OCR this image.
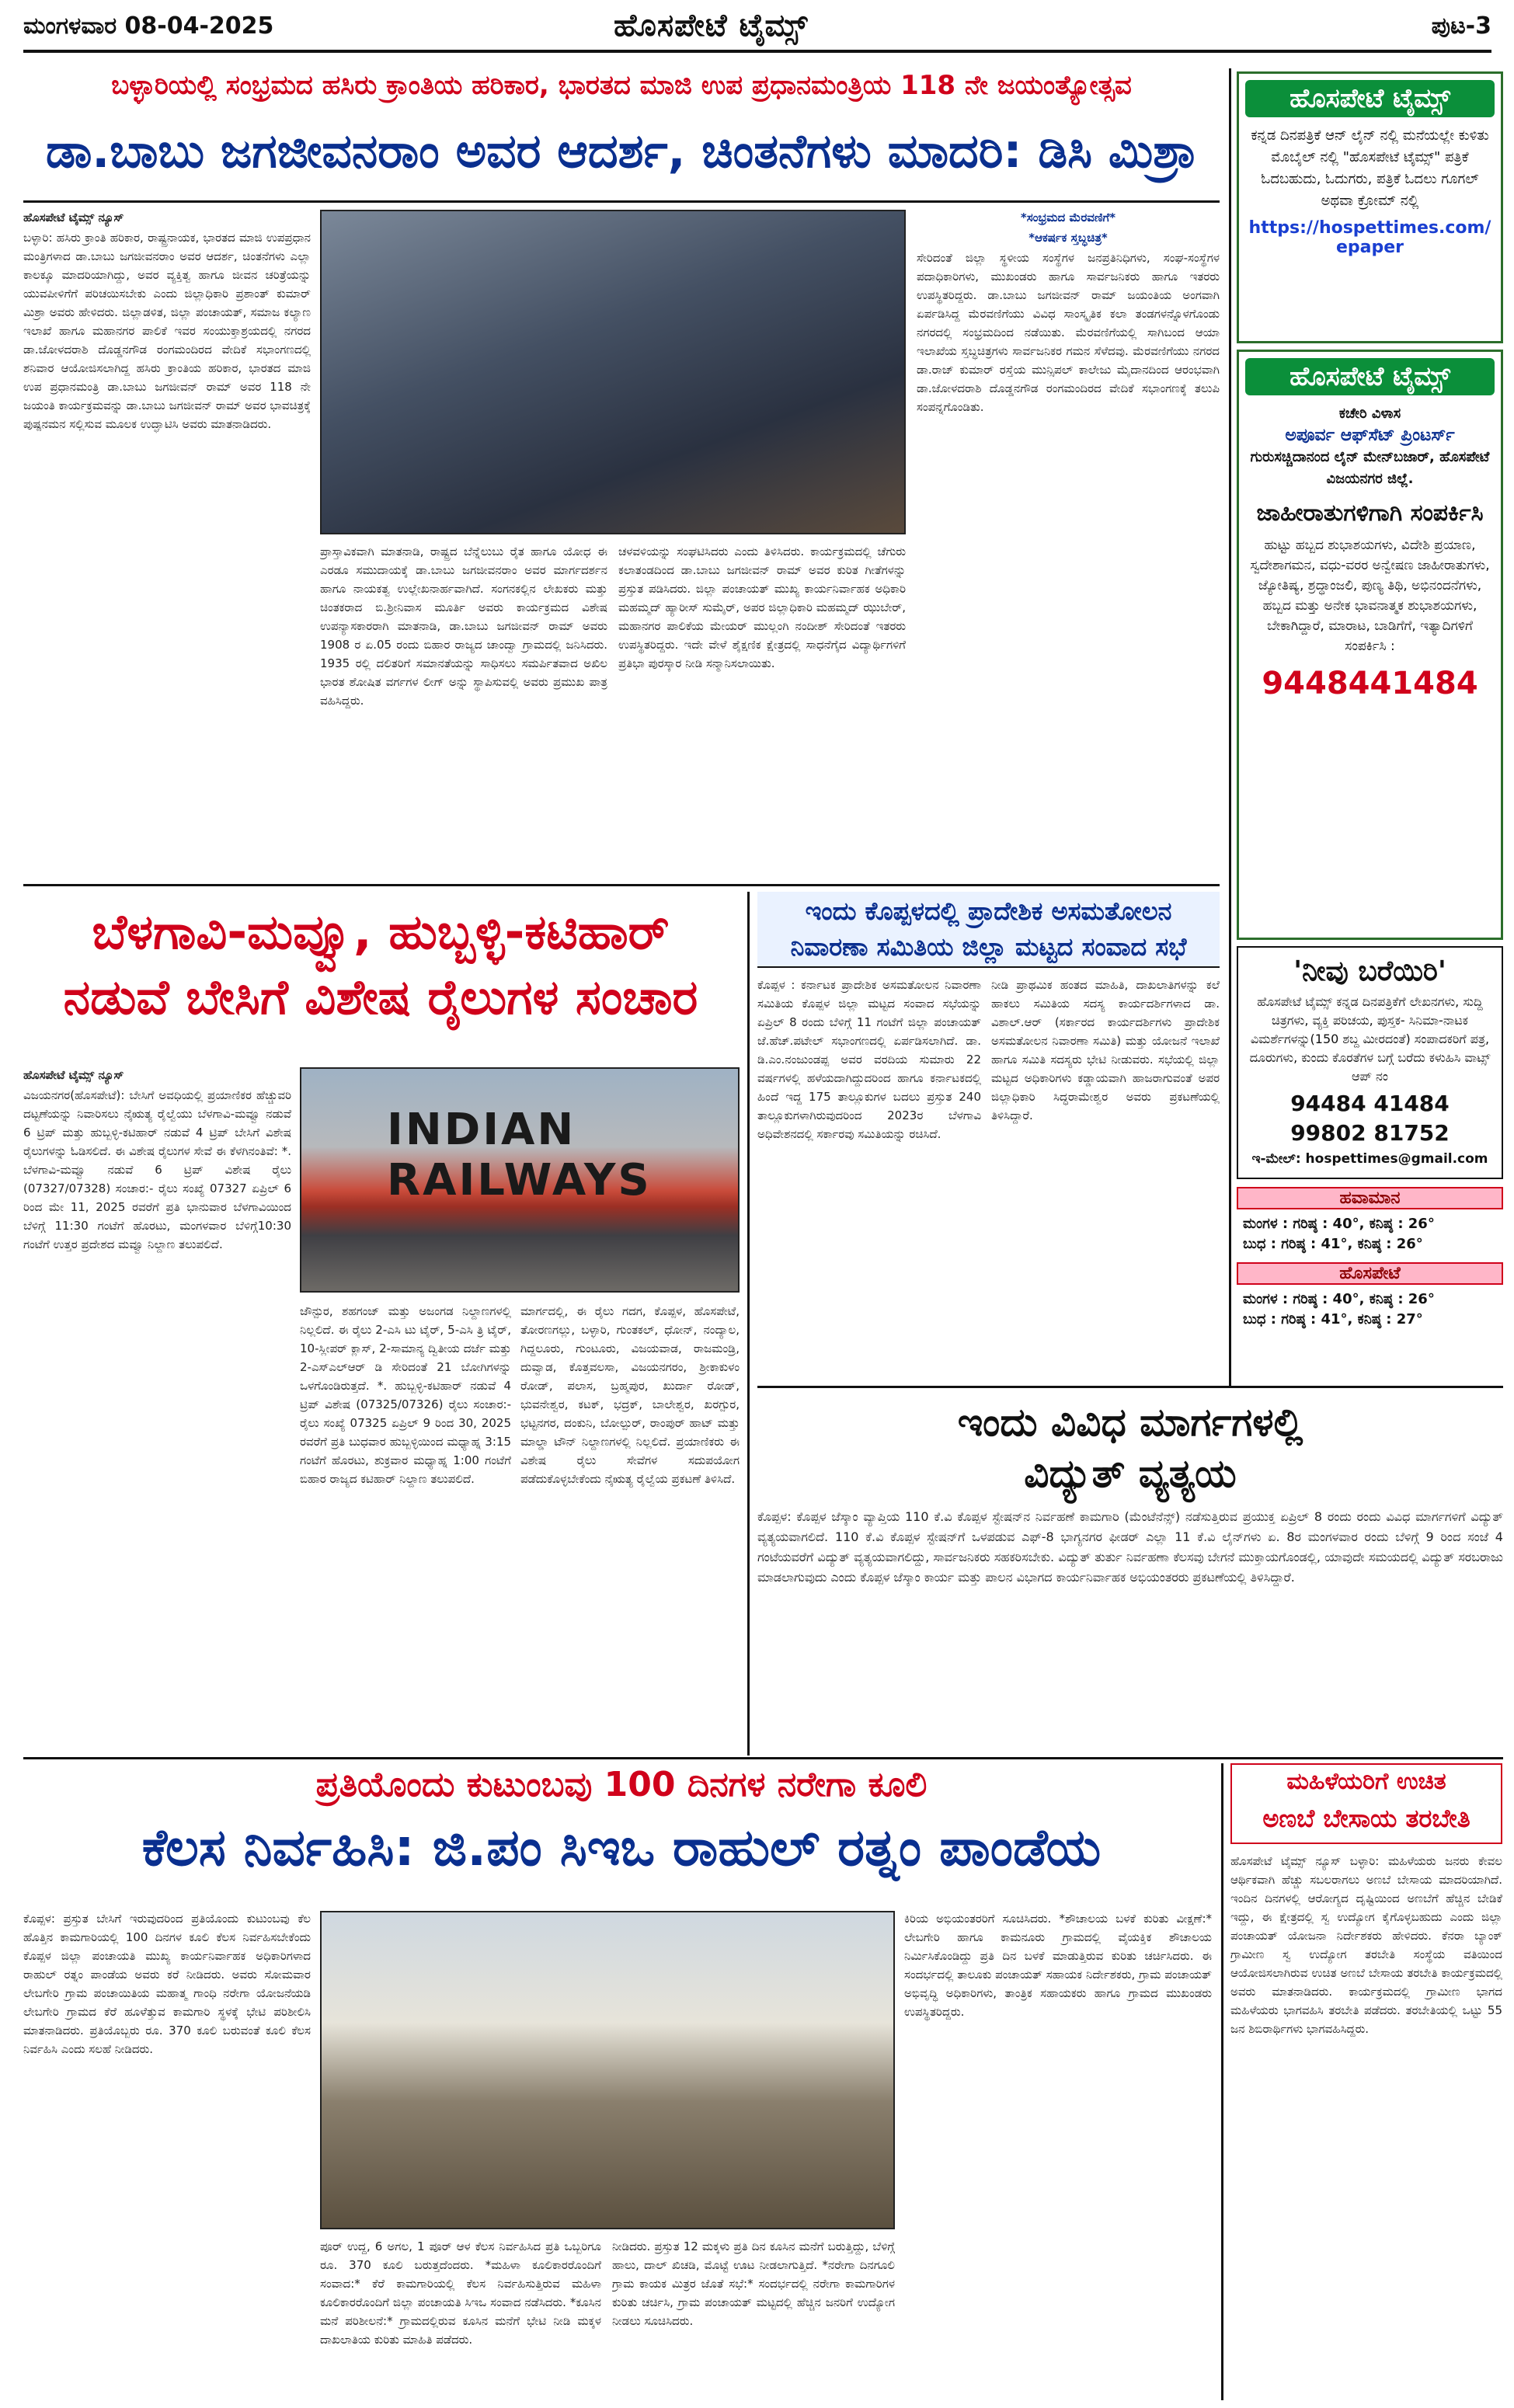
ಮಂಗಳವಾರ 08-04-2025	ಹೊಸಪೇಟೆ ಟೈಮ್ಸ್	ಪುಟ-3
ಬಳ್ಳಾರಿಯಲ್ಲಿ ಸಂಭ್ರಮದ ಹಸಿರು ಕ್ರಾಂತಿಯ ಹರಿಕಾರ, ಭಾರತದ ಮಾಜಿ ಉಪ ಪ್ರಧಾನಮಂತ್ರಿಯ 118 ನೇ ಜಯಂತ್ಯೋತ್ಸವ
ಡಾ.ಬಾಬು ಜಗಜೀವನರಾಂ ಅವರ ಆದರ್ಶ, ಚಿಂತನೆಗಳು ಮಾದರಿ: ಡಿಸಿ ಮಿಶ್ರಾ

ಹೊಸಪೇಟೆ ಟೈಮ್ಸ್ ನ್ಯೂಸ್

ಬಳ್ಳಾರಿ: ಹಸಿರು ಕ್ರಾಂತಿ ಹರಿಕಾರ, ರಾಷ್ಟ್ರನಾಯಕ, ಭಾರತದ ಮಾಜಿ ಉಪಪ್ರಧಾನ ಮಂತ್ರಿಗಳಾದ ಡಾ.ಬಾಬು ಜಗಜೀವನರಾಂ ಅವರ ಆದರ್ಶ, ಚಿಂತನೆಗಳು ಎಲ್ಲಾ ಕಾಲಕ್ಕೂ ಮಾದರಿಯಾಗಿದ್ದು, ಅವರ ವ್ಯಕ್ತಿತ್ವ ಹಾಗೂ ಜೀವನ ಚರಿತ್ರೆಯನ್ನು ಯುವಪೀಳಿಗೆಗೆ ಪರಿಚಯಿಸಬೇಕು ಎಂದು ಜಿಲ್ಲಾಧಿಕಾರಿ ಪ್ರಶಾಂತ್ ಕುಮಾರ್ ಮಿಶ್ರಾ ಅವರು ಹೇಳಿದರು. ಜಿಲ್ಲಾಡಳಿತ, ಜಿಲ್ಲಾ ಪಂಚಾಯತ್, ಸಮಾಜ ಕಲ್ಯಾಣ ಇಲಾಖೆ ಹಾಗೂ ಮಹಾನಗರ ಪಾಲಿಕೆ ಇವರ ಸಂಯುಕ್ತಾಶ್ರಯದಲ್ಲಿ ನಗರದ ಡಾ.ಜೋಳದರಾಶಿ ದೊಡ್ಡನಗೌಡ ರಂಗಮಂದಿರದ ವೇದಿಕೆ ಸಭಾಂಗಣದಲ್ಲಿ ಶನಿವಾರ ಆಯೋಜಿಸಲಾಗಿದ್ದ ಹಸಿರು ಕ್ರಾಂತಿಯ ಹರಿಕಾರ, ಭಾರತದ ಮಾಜಿ ಉಪ ಪ್ರಧಾನಮಂತ್ರಿ ಡಾ.ಬಾಬು ಜಗಜೀವನ್ ರಾಮ್ ಅವರ 118 ನೇ ಜಯಂತಿ ಕಾರ್ಯಕ್ರಮವನ್ನು ಡಾ.ಬಾಬು ಜಗಜೀವನ್ ರಾಮ್ ಅವರ ಭಾವಚಿತ್ರಕ್ಕೆ ಪುಷ್ಪನಮನ ಸಲ್ಲಿಸುವ ಮೂಲಕ ಉದ್ಘಾಟಿಸಿ ಅವರು ಮಾತನಾಡಿದರು.

ಪ್ರಾಸ್ತಾವಿಕವಾಗಿ ಮಾತನಾಡಿ, ರಾಷ್ಟ್ರದ ಬೆನ್ನೆಲುಬು ರೈತ ಹಾಗೂ ಯೋಧ ಈ ಎರಡೂ ಸಮುದಾಯಕ್ಕೆ ಡಾ.ಬಾಬು ಜಗಜೀವನರಾಂ ಅವರ ಮಾರ್ಗದರ್ಶನ ಹಾಗೂ ನಾಯಕತ್ವ ಉಲ್ಲೇಖನಾರ್ಹವಾಗಿದೆ. ಸಂಗನಕಲ್ಲಿನ ಲೇಖಕರು ಮತ್ತು ಚಿಂತಕರಾದ ಬಿ.ಶ್ರೀನಿವಾಸ ಮೂರ್ತಿ ಅವರು ಕಾರ್ಯಕ್ರಮದ ವಿಶೇಷ ಉಪನ್ಯಾಸಕಾರರಾಗಿ ಮಾತನಾಡಿ, ಡಾ.ಬಾಬು ಜಗಜೀವನ್ ರಾಮ್ ಅವರು 1908 ರ ಏ.05 ರಂದು ಬಿಹಾರ ರಾಜ್ಯದ ಚಾಂದ್ವಾ ಗ್ರಾಮದಲ್ಲಿ ಜನಿಸಿದರು. 1935 ರಲ್ಲಿ ದಲಿತರಿಗೆ ಸಮಾನತೆಯನ್ನು ಸಾಧಿಸಲು ಸಮರ್ಪಿತವಾದ ಅಖಿಲ ಭಾರತ ಶೋಷಿತ ವರ್ಗಗಳ ಲೀಗ್ ಅನ್ನು ಸ್ಥಾಪಿಸುವಲ್ಲಿ ಅವರು ಪ್ರಮುಖ ಪಾತ್ರ ವಹಿಸಿದ್ದರು.

ಚಳವಳಿಯನ್ನು ಸಂಘಟಿಸಿದರು ಎಂದು ತಿಳಿಸಿದರು. ಕಾರ್ಯಕ್ರಮದಲ್ಲಿ ಚೆಗುರು ಕಲಾತಂಡದಿಂದ ಡಾ.ಬಾಬು ಜಗಜೀವನ್ ರಾಮ್ ಅವರ ಕುರಿತ ಗೀತೆಗಳನ್ನು ಪ್ರಸ್ತುತ ಪಡಿಸಿದರು. ಜಿಲ್ಲಾ ಪಂಚಾಯತ್ ಮುಖ್ಯ ಕಾರ್ಯನಿರ್ವಾಹಕ ಅಧಿಕಾರಿ ಮಹಮ್ಮದ್ ಹ್ಯಾರೀಸ್ ಸುಮೈರ್, ಅಪರ ಜಿಲ್ಲಾಧಿಕಾರಿ ಮಹಮ್ಮದ್ ಝುಬೇರ್, ಮಹಾನಗರ ಪಾಲಿಕೆಯ ಮೇಯರ್ ಮುಲ್ಲಂಗಿ ನಂದೀಶ್ ಸೇರಿದಂತೆ ಇತರರು ಉಪಸ್ಥಿತರಿದ್ದರು. ಇದೇ ವೇಳೆ ಶೈಕ್ಷಣಿಕ ಕ್ಷೇತ್ರದಲ್ಲಿ ಸಾಧನೆಗೈದ ವಿದ್ಯಾರ್ಥಿಗಳಿಗೆ ಪ್ರತಿಭಾ ಪುರಸ್ಕಾರ ನೀಡಿ ಸನ್ಮಾನಿಸಲಾಯಿತು.

*ಸಂಭ್ರಮದ ಮೆರವಣಿಗೆ*

*ಆಕರ್ಷಕ ಸ್ತಬ್ಧಚಿತ್ರ*

ಸೇರಿದಂತೆ ಜಿಲ್ಲಾ ಸ್ಥಳೀಯ ಸಂಸ್ಥೆಗಳ ಜನಪ್ರತಿನಿಧಿಗಳು, ಸಂಘ-ಸಂಸ್ಥೆಗಳ ಪದಾಧಿಕಾರಿಗಳು, ಮುಖಂಡರು ಹಾಗೂ ಸಾರ್ವಜನಿಕರು ಹಾಗೂ ಇತರರು ಉಪಸ್ಥಿತರಿದ್ದರು. ಡಾ.ಬಾಬು ಜಗಜೀವನ್ ರಾಮ್ ಜಯಂತಿಯ ಅಂಗವಾಗಿ ಏರ್ಪಡಿಸಿದ್ದ ಮೆರವಣಿಗೆಯು ವಿವಿಧ ಸಾಂಸ್ಕೃತಿಕ ಕಲಾ ತಂಡಗಳನ್ನೊಳಗೊಂಡು ನಗರದಲ್ಲಿ ಸಂಭ್ರಮದಿಂದ ನಡೆಯಿತು. ಮೆರವಣಿಗೆಯಲ್ಲಿ ಸಾಗಿಬಂದ ಆಯಾ ಇಲಾಖೆಯ ಸ್ತಬ್ಧಚಿತ್ರಗಳು ಸಾರ್ವಜನಿಕರ ಗಮನ ಸೆಳೆದವು. ಮೆರವಣಿಗೆಯು ನಗರದ ಡಾ.ರಾಜ್ ಕುಮಾರ್ ರಸ್ತೆಯ ಮುನ್ಸಿಪಲ್ ಕಾಲೇಜು ಮೈದಾನದಿಂದ ಆರಂಭವಾಗಿ ಡಾ.ಜೋಳದರಾಶಿ ದೊಡ್ಡನಗೌಡ ರಂಗಮಂದಿರದ ವೇದಿಕೆ ಸಭಾಂಗಣಕ್ಕೆ ತಲುಪಿ ಸಂಪನ್ನಗೊಂಡಿತು.

ಬೆಳಗಾವಿ-ಮವ್ವೂ, ಹುಬ್ಬಳ್ಳಿ-ಕಟಿಹಾರ್
ನಡುವೆ ಬೇಸಿಗೆ ವಿಶೇಷ ರೈಲುಗಳ ಸಂಚಾರ

ಹೊಸಪೇಟೆ ಟೈಮ್ಸ್ ನ್ಯೂಸ್

ವಿಜಯನಗರ(ಹೊಸಪೇಟೆ): ಬೇಸಿಗೆ ಅವಧಿಯಲ್ಲಿ ಪ್ರಯಾಣಿಕರ ಹೆಚ್ಚುವರಿ ದಟ್ಟಣೆಯನ್ನು ನಿವಾರಿಸಲು ನೈಋತ್ಯ ರೈಲ್ವೆಯು ಬೆಳಗಾವಿ-ಮವ್ವೂ ನಡುವೆ 6 ಟ್ರಿಪ್ ಮತ್ತು ಹುಬ್ಬಳ್ಳಿ-ಕಟಿಹಾರ್ ನಡುವೆ 4 ಟ್ರಿಪ್ ಬೇಸಿಗೆ ವಿಶೇಷ ರೈಲುಗಳನ್ನು ಓಡಿಸಲಿದೆ. ಈ ವಿಶೇಷ ರೈಲುಗಳ ಸೇವೆ ಈ ಕೆಳಗಿನಂತಿವೆ: *. ಬೆಳಗಾವಿ-ಮವ್ವೂ ನಡುವೆ 6 ಟ್ರಿಪ್ ವಿಶೇಷ ರೈಲು (07327/07328) ಸಂಚಾರ:- ರೈಲು ಸಂಖ್ಯೆ 07327 ಏಪ್ರಿಲ್ 6 ರಿಂದ ಮೇ 11, 2025 ರವರೆಗೆ ಪ್ರತಿ ಭಾನುವಾರ ಬೆಳಗಾವಿಯಿಂದ ಬೆಳಿಗ್ಗೆ 11:30 ಗಂಟೆಗೆ ಹೊರಟು, ಮಂಗಳವಾರ ಬೆಳಿಗ್ಗೆ10:30 ಗಂಟೆಗೆ ಉತ್ತರ ಪ್ರದೇಶದ ಮವ್ವೂ ನಿಲ್ದಾಣ ತಲುಪಲಿದೆ.

INDIAN RAILWAYS

ಜೌನ್ಪುರ, ಶಹಗಂಜ್ ಮತ್ತು ಅಜಂಗಡ ನಿಲ್ದಾಣಗಳಲ್ಲಿ ನಿಲ್ಲಲಿದೆ. ಈ ರೈಲು 2-ಎಸಿ ಟು ಟೈರ್, 5-ಎಸಿ ತ್ರಿ ಟೈರ್, 10-ಸ್ಲೀಪರ್ ಕ್ಲಾಸ್, 2-ಸಾಮಾನ್ಯ ದ್ವಿತೀಯ ದರ್ಜೆ ಮತ್ತು 2-ಎಸ್ಎಲ್ಆರ್ ಡಿ ಸೇರಿದಂತೆ 21 ಬೋಗಿಗಳನ್ನು ಒಳಗೊಂಡಿರುತ್ತದೆ. *. ಹುಬ್ಬಳ್ಳಿ-ಕಟಿಹಾರ್ ನಡುವೆ 4 ಟ್ರಿಪ್ ವಿಶೇಷ (07325/07326) ರೈಲು ಸಂಚಾರ:- ರೈಲು ಸಂಖ್ಯೆ 07325 ಏಪ್ರಿಲ್ 9 ರಿಂದ 30, 2025 ರವರೆಗೆ ಪ್ರತಿ ಬುಧವಾರ ಹುಬ್ಬಳ್ಳಿಯಿಂದ ಮಧ್ಯಾಹ್ನ 3:15 ಗಂಟೆಗೆ ಹೊರಟು, ಶುಕ್ರವಾರ ಮಧ್ಯಾಹ್ನ 1:00 ಗಂಟೆಗೆ ಬಿಹಾರ ರಾಜ್ಯದ ಕಟಿಹಾರ್ ನಿಲ್ದಾಣ ತಲುಪಲಿದೆ.

ಮಾರ್ಗದಲ್ಲಿ, ಈ ರೈಲು ಗದಗ, ಕೊಪ್ಪಳ, ಹೊಸಪೇಟೆ, ತೋರಣಗಲ್ಲು, ಬಳ್ಳಾರಿ, ಗುಂತಕಲ್, ಧೋನ್, ನಂದ್ಯಾಲ, ಗಿದ್ದಲೂರು, ಗುಂಟೂರು, ವಿಜಯವಾಡ, ರಾಜಮಂಡ್ರಿ, ದುವ್ವಾಡ, ಕೊತ್ತವಲಸಾ, ವಿಜಯನಗರಂ, ಶ್ರೀಕಾಕುಳಂ ರೋಡ್, ಪಲಾಸ, ಬ್ರಹ್ಮಪುರ, ಖುರ್ದಾ ರೋಡ್, ಭುವನೇಶ್ವರ, ಕಟಕ್, ಭದ್ರಕ್, ಬಾಲೇಶ್ವರ, ಖರಗ್ಪುರ, ಭಟ್ಟನಗರ, ದಂಕುನಿ, ಬೋಲ್ಪುರ್, ರಾಂಪುರ್ ಹಾಟ್ ಮತ್ತು ಮಾಲ್ಡಾ ಟೌನ್ ನಿಲ್ದಾಣಗಳಲ್ಲಿ ನಿಲ್ಲಲಿದೆ. ಪ್ರಯಾಣಿಕರು ಈ ವಿಶೇಷ ರೈಲು ಸೇವೆಗಳ ಸದುಪಯೋಗ ಪಡೆದುಕೊಳ್ಳಬೇಕೆಂದು ನೈಋತ್ಯ ರೈಲ್ವೆಯ ಪ್ರಕಟಣೆ ತಿಳಿಸಿದೆ.

ಇಂದು ಕೊಪ್ಪಳದಲ್ಲಿ ಪ್ರಾದೇಶಿಕ ಅಸಮತೋಲನ
ನಿವಾರಣಾ ಸಮಿತಿಯ ಜಿಲ್ಲಾ ಮಟ್ಟದ ಸಂವಾದ ಸಭೆ

ಕೊಪ್ಪಳ : ಕರ್ನಾಟಕ ಪ್ರಾದೇಶಿಕ ಅಸಮತೋಲನ ನಿವಾರಣಾ ಸಮಿತಿಯ ಕೊಪ್ಪಳ ಜಿಲ್ಲಾ ಮಟ್ಟದ ಸಂವಾದ ಸಭೆಯನ್ನು ಏಪ್ರಿಲ್ 8 ರಂದು ಬೆಳಿಗ್ಗೆ 11 ಗಂಟೆಗೆ ಜಿಲ್ಲಾ ಪಂಚಾಯತ್ ಜೆ.ಹೆಚ್.ಪಟೇಲ್ ಸಭಾಂಗಣದಲ್ಲಿ ಏರ್ಪಡಿಸಲಾಗಿದೆ. ಡಾ. ಡಿ.ಎಂ.ನಂಜುಂಡಪ್ಪ ಅವರ ವರದಿಯ ಸುಮಾರು 22 ವರ್ಷಗಳಲ್ಲಿ ಹಳೆಯದಾಗಿದ್ದುದರಿಂದ ಹಾಗೂ ಕರ್ನಾಟಕದಲ್ಲಿ ಹಿಂದೆ ಇದ್ದ 175 ತಾಲ್ಲೂಕುಗಳ ಬದಲು ಪ್ರಸ್ತುತ 240 ತಾಲ್ಲೂಕುಗಳಾಗಿರುವುದರಿಂದ 2023ರ ಬೆಳಗಾವಿ ಅಧಿವೇಶನದಲ್ಲಿ ಸರ್ಕಾರವು ಸಮಿತಿಯನ್ನು ರಚಿಸಿದೆ.

ನೀಡಿ ಪ್ರಾಥಮಿಕ ಹಂತದ ಮಾಹಿತಿ, ದಾಖಲಾತಿಗಳನ್ನು ಕಲೆ ಹಾಕಲು ಸಮಿತಿಯ ಸದಸ್ಯ ಕಾರ್ಯದರ್ಶಿಗಳಾದ ಡಾ. ವಿಶಾಲ್.ಆರ್ (ಸರ್ಕಾರದ ಕಾರ್ಯದರ್ಶಿಗಳು ಪ್ರಾದೇಶಿಕ ಅಸಮತೋಲನ ನಿವಾರಣಾ ಸಮಿತಿ) ಮತ್ತು ಯೋಜನೆ ಇಲಾಖೆ ಹಾಗೂ ಸಮಿತಿ ಸದಸ್ಯರು ಭೇಟಿ ನೀಡುವರು. ಸಭೆಯಲ್ಲಿ ಜಿಲ್ಲಾ ಮಟ್ಟದ ಅಧಿಕಾರಿಗಳು ಕಡ್ಡಾಯವಾಗಿ ಹಾಜರಾಗುವಂತೆ ಅಪರ ಜಿಲ್ಲಾಧಿಕಾರಿ ಸಿದ್ಧರಾಮೇಶ್ವರ ಅವರು ಪ್ರಕಟಣೆಯಲ್ಲಿ ತಿಳಿಸಿದ್ದಾರೆ.

ಇಂದು ವಿವಿಧ ಮಾರ್ಗಗಳಲ್ಲಿ
ವಿದ್ಯುತ್ ವ್ಯತ್ಯಯ

ಕೊಪ್ಪಳ: ಕೊಪ್ಪಳ ಜೆಸ್ಕಾಂ ವ್ಯಾಪ್ತಿಯ 110 ಕೆ.ವಿ ಕೊಪ್ಪಳ ಸ್ಟೇಷನ್‌ನ ನಿರ್ವಹಣೆ ಕಾಮಗಾರಿ (ಮೆಂಟೆನೆನ್ಸ್) ನಡೆಸುತ್ತಿರುವ ಪ್ರಯುಕ್ತ ಏಪ್ರಿಲ್ 8 ರಂದು ರಂದು ವಿವಿಧ ಮಾರ್ಗಗಳಿಗೆ ವಿದ್ಯುತ್ ವ್ಯತ್ಯಯವಾಗಲಿದೆ. 110 ಕೆ.ವಿ ಕೊಪ್ಪಳ ಸ್ಟೇಷನ್‌ಗೆ ಒಳಪಡುವ ಎಫ್-8 ಭಾಗ್ಯನಗರ ಫೀಡರ್ ಎಲ್ಲಾ 11 ಕೆ.ವಿ ಲೈನ್‌ಗಳು ಏ. 8ರ ಮಂಗಳವಾರ ರಂದು ಬೆಳಿಗ್ಗೆ 9 ರಿಂದ ಸಂಜೆ 4 ಗಂಟೆಯವರೆಗೆ ವಿದ್ಯುತ್ ವ್ಯತ್ಯಯವಾಗಲಿದ್ದು, ಸಾರ್ವಜನಿಕರು ಸಹಕರಿಸಬೇಕು. ವಿದ್ಯುತ್ ತುರ್ತು ನಿರ್ವಹಣಾ ಕೆಲಸವು ಬೇಗನೆ ಮುಕ್ತಾಯಗೊಂಡಲ್ಲಿ, ಯಾವುದೇ ಸಮಯದಲ್ಲಿ ವಿದ್ಯುತ್ ಸರಬರಾಜು ಮಾಡಲಾಗುವುದು ಎಂದು ಕೊಪ್ಪಳ ಜೆಸ್ಕಾಂ ಕಾರ್ಯ ಮತ್ತು ಪಾಲನ ವಿಭಾಗದ ಕಾರ್ಯನಿರ್ವಾಹಕ ಅಭಿಯಂತರರು ಪ್ರಕಟಣೆಯಲ್ಲಿ ತಿಳಿಸಿದ್ದಾರೆ.

ಪ್ರತಿಯೊಂದು ಕುಟುಂಬವು 100 ದಿನಗಳ ನರೇಗಾ ಕೂಲಿ
ಕೆಲಸ ನಿರ್ವಹಿಸಿ: ಜಿ.ಪಂ ಸಿಇಒ ರಾಹುಲ್ ರತ್ನಂ ಪಾಂಡೆಯ

ಕೊಪ್ಪಳ: ಪ್ರಸ್ತುತ ಬೇಸಿಗೆ ಇರುವುದರಿಂದ ಪ್ರತಿಯೊಂದು ಕುಟುಂಬವು ಕೆಲ ಹೊತ್ತಿನ ಕಾಮಗಾರಿಯಲ್ಲಿ 100 ದಿನಗಳ ಕೂಲಿ ಕೆಲಸ ನಿರ್ವಹಿಸಬೇಕೆಂದು ಕೊಪ್ಪಳ ಜಿಲ್ಲಾ ಪಂಚಾಯತಿ ಮುಖ್ಯ ಕಾರ್ಯನಿರ್ವಾಹಕ ಅಧಿಕಾರಿಗಳಾದ ರಾಹುಲ್ ರತ್ನಂ ಪಾಂಡೆಯ ಅವರು ಕರೆ ನೀಡಿದರು. ಅವರು ಸೋಮವಾರ ಲೇಬಗೇರಿ ಗ್ರಾಮ ಪಂಚಾಯಿತಿಯ ಮಹಾತ್ಮ ಗಾಂಧಿ ನರೇಗಾ ಯೋಜನೆಯಡಿ ಲೇಬಗೇರಿ ಗ್ರಾಮದ ಕೆರೆ ಹೂಳೆತ್ತುವ ಕಾಮಗಾರಿ ಸ್ಥಳಕ್ಕೆ ಭೇಟಿ ಪರಿಶೀಲಿಸಿ ಮಾತನಾಡಿದರು. ಪ್ರತಿಯೊಬ್ಬರು ರೂ. 370 ಕೂಲಿ ಬರುವಂತೆ ಕೂಲಿ ಕೆಲಸ ನಿರ್ವಹಿಸಿ ಎಂದು ಸಲಹೆ ನೀಡಿದರು.

ಪೂರ್ ಉದ್ದ, 6 ಅಗಲ, 1 ಪೂರ್ ಆಳ ಕೆಲಸ ನಿರ್ವಹಿಸಿದ ಪ್ರತಿ ಒಬ್ಬರಿಗೂ ರೂ. 370 ಕೂಲಿ ಬರುತ್ತದೆಂದರು. *ಮಹಿಳಾ ಕೂಲಿಕಾರರೊಂದಿಗೆ ಸಂವಾದ:* ಕೆರೆ ಕಾಮಗಾರಿಯಲ್ಲಿ ಕೆಲಸ ನಿರ್ವಹಿಸುತ್ತಿರುವ ಮಹಿಳಾ ಕೂಲಿಕಾರರೊಂದಿಗೆ ಜಿಲ್ಲಾ ಪಂಚಾಯತಿ ಸಿಇಒ ಸಂವಾದ ನಡೆಸಿದರು. *ಕೂಸಿನ ಮನೆ ಪರಿಶೀಲನೆ:* ಗ್ರಾಮದಲ್ಲಿರುವ ಕೂಸಿನ ಮನೆಗೆ ಭೇಟಿ ನೀಡಿ ಮಕ್ಕಳ ದಾಖಲಾತಿಯ ಕುರಿತು ಮಾಹಿತಿ ಪಡೆದರು.

ನೀಡಿದರು. ಪ್ರಸ್ತುತ 12 ಮಕ್ಕಳು ಪ್ರತಿ ದಿನ ಕೂಸಿನ ಮನೆಗೆ ಬರುತ್ತಿದ್ದು, ಬೆಳಿಗ್ಗೆ ಹಾಲು, ದಾಲ್ ಖಿಚಡಿ, ಮೊಟ್ಟೆ ಊಟ ನೀಡಲಾಗುತ್ತಿದೆ. *ನರೇಗಾ ದಿನಗೂಲಿ ಗ್ರಾಮ ಕಾಯಕ ಮಿತ್ರರ ಜೊತೆ ಸಭೆ:* ಸಂದರ್ಭದಲ್ಲಿ ನರೇಗಾ ಕಾಮಗಾರಿಗಳ ಕುರಿತು ಚರ್ಚಿಸಿ, ಗ್ರಾಮ ಪಂಚಾಯತ್ ಮಟ್ಟದಲ್ಲಿ ಹೆಚ್ಚಿನ ಜನರಿಗೆ ಉದ್ಯೋಗ ನೀಡಲು ಸೂಚಿಸಿದರು.

ಕಿರಿಯ ಅಭಿಯಂತರರಿಗೆ ಸೂಚಿಸಿದರು. *ಶೌಚಾಲಯ ಬಳಕೆ ಕುರಿತು ವೀಕ್ಷಣೆ:* ಲೇಬಗೇರಿ ಹಾಗೂ ಕಾಮನೂರು ಗ್ರಾಮದಲ್ಲಿ ವೈಯಕ್ತಿಕ ಶೌಚಾಲಯ ನಿರ್ಮಿಸಿಕೊಂಡಿದ್ದು ಪ್ರತಿ ದಿನ ಬಳಕೆ ಮಾಡುತ್ತಿರುವ ಕುರಿತು ಚರ್ಚಿಸಿದರು. ಈ ಸಂದರ್ಭದಲ್ಲಿ ತಾಲೂಕು ಪಂಚಾಯತ್ ಸಹಾಯಕ ನಿರ್ದೇಶಕರು, ಗ್ರಾಮ ಪಂಚಾಯತ್ ಅಭಿವೃದ್ಧಿ ಅಧಿಕಾರಿಗಳು, ತಾಂತ್ರಿಕ ಸಹಾಯಕರು ಹಾಗೂ ಗ್ರಾಮದ ಮುಖಂಡರು ಉಪಸ್ಥಿತರಿದ್ದರು.

ಮಹಿಳೆಯರಿಗೆ ಉಚಿತ
ಅಣಬೆ ಬೇಸಾಯ ತರಬೇತಿ

ಹೊಸಪೇಟೆ ಟೈಮ್ಸ್ ನ್ಯೂಸ್ ಬಳ್ಳಾರಿ: ಮಹಿಳೆಯರು ಜನರು ಕೇವಲ ಆರ್ಥಿಕವಾಗಿ ಹೆಚ್ಚು ಸಬಲರಾಗಲು ಅಣಬೆ ಬೇಸಾಯ ಮಾದರಿಯಾಗಿದೆ. ಇಂದಿನ ದಿನಗಳಲ್ಲಿ ಆರೋಗ್ಯದ ದೃಷ್ಟಿಯಿಂದ ಅಣಬೆಗೆ ಹೆಚ್ಚಿನ ಬೇಡಿಕೆ ಇದ್ದು, ಈ ಕ್ಷೇತ್ರದಲ್ಲಿ ಸ್ವ ಉದ್ಯೋಗ ಕೈಗೊಳ್ಳಬಹುದು ಎಂದು ಜಿಲ್ಲಾ ಪಂಚಾಯತ್ ಯೋಜನಾ ನಿರ್ದೇಶಕರು ಹೇಳಿದರು. ಕೆನರಾ ಬ್ಯಾಂಕ್ ಗ್ರಾಮೀಣ ಸ್ವ ಉದ್ಯೋಗ ತರಬೇತಿ ಸಂಸ್ಥೆಯ ವತಿಯಿಂದ ಆಯೋಜಿಸಲಾಗಿರುವ ಉಚಿತ ಅಣಬೆ ಬೇಸಾಯ ತರಬೇತಿ ಕಾರ್ಯಕ್ರಮದಲ್ಲಿ ಅವರು ಮಾತನಾಡಿದರು. ಕಾರ್ಯಕ್ರಮದಲ್ಲಿ ಗ್ರಾಮೀಣ ಭಾಗದ ಮಹಿಳೆಯರು ಭಾಗವಹಿಸಿ ತರಬೇತಿ ಪಡೆದರು. ತರಬೇತಿಯಲ್ಲಿ ಒಟ್ಟು 55 ಜನ ಶಿಬಿರಾರ್ಥಿಗಳು ಭಾಗವಹಿಸಿದ್ದರು.

ಹೊಸಪೇಟೆ ಟೈಮ್ಸ್
ಕನ್ನಡ ದಿನಪತ್ರಿಕೆ ಆನ್ ಲೈನ್ ನಲ್ಲಿ ಮನೆಯಲ್ಲೇ ಕುಳಿತು ಮೊಬೈಲ್ ನಲ್ಲಿ "ಹೊಸಪೇಟೆ ಟೈಮ್ಸ್" ಪತ್ರಿಕೆ ಓದಬಹುದು, ಓದುಗರು, ಪತ್ರಿಕೆ ಓದಲು ಗೂಗಲ್ ಅಥವಾ ಕ್ರೋಮ್ ನಲ್ಲಿ
https://hospettimes.com/epaper
ಹೊಸಪೇಟೆ ಟೈಮ್ಸ್
ಕಚೇರಿ ವಿಳಾಸ
ಅಪೂರ್ವ ಆಫ್‌ಸೆಟ್ ಪ್ರಿಂಟರ್ಸ್
ಗುರುಸಚ್ಚಿದಾನಂದ ಲೈನ್ ಮೇನ್‌ಬಜಾರ್, ಹೊಸಪೇಟೆ ವಿಜಯನಗರ ಜಿಲ್ಲೆ.
ಜಾಹೀರಾತುಗಳಿಗಾಗಿ ಸಂಪರ್ಕಿಸಿ
ಹುಟ್ಟು ಹಬ್ಬದ ಶುಭಾಶಯಗಳು, ವಿದೇಶಿ ಪ್ರಯಾಣ, ಸ್ವದೇಶಾಗಮನ, ವಧು-ವರರ ಅನ್ವೇಷಣ ಜಾಹೀರಾತುಗಳು, ಜ್ಯೋತಿಷ್ಯ, ಶ್ರದ್ಧಾಂಜಲಿ, ಪುಣ್ಯ ತಿಥಿ, ಅಭಿನಂದನೆಗಳು, ಹಬ್ಬದ ಮತ್ತು ಅನೇಕ ಭಾವನಾತ್ಮಕ ಶುಭಾಶಯಗಳು, ಬೇಕಾಗಿದ್ದಾರೆ, ಮಾರಾಟ, ಬಾಡಿಗೆಗೆ, ಇತ್ಯಾದಿಗಳಿಗೆ ಸಂಪರ್ಕಿಸಿ :
9448441484
'ನೀವು ಬರೆಯಿರಿ'
ಹೊಸಪೇಟೆ ಟೈಮ್ಸ್ ಕನ್ನಡ ದಿನಪತ್ರಿಕೆಗೆ ಲೇಖನಗಳು, ಸುದ್ದಿ ಚಿತ್ರಗಳು, ವ್ಯಕ್ತಿ ಪರಿಚಯ, ಪುಸ್ತಕ- ಸಿನಿಮಾ-ನಾಟಕ ವಿಮರ್ಶೆಗಳನ್ನು(150 ಶಬ್ದ ಮೀರದಂತೆ) ಸಂಪಾದಕರಿಗೆ ಪತ್ರ, ದೂರುಗಳು, ಕುಂದು ಕೊರತೆಗಳ ಬಗ್ಗೆ ಬರೆದು ಕಳುಹಿಸಿ ವಾಟ್ಸ್ ಆಪ್ ನಂ
94484 41484
99802 81752
ಇ-ಮೇಲ್: hospettimes@gmail.com
ಹವಾಮಾನ
ಮಂಗಳ : ಗರಿಷ್ಠ : 40°, ಕನಿಷ್ಠ : 26°
ಬುಧ : ಗರಿಷ್ಠ : 41°, ಕನಿಷ್ಠ : 26°
ಹೊಸಪೇಟೆ
ಮಂಗಳ : ಗರಿಷ್ಠ : 40°, ಕನಿಷ್ಠ : 26°
ಬುಧ : ಗರಿಷ್ಠ : 41°, ಕನಿಷ್ಠ : 27°
